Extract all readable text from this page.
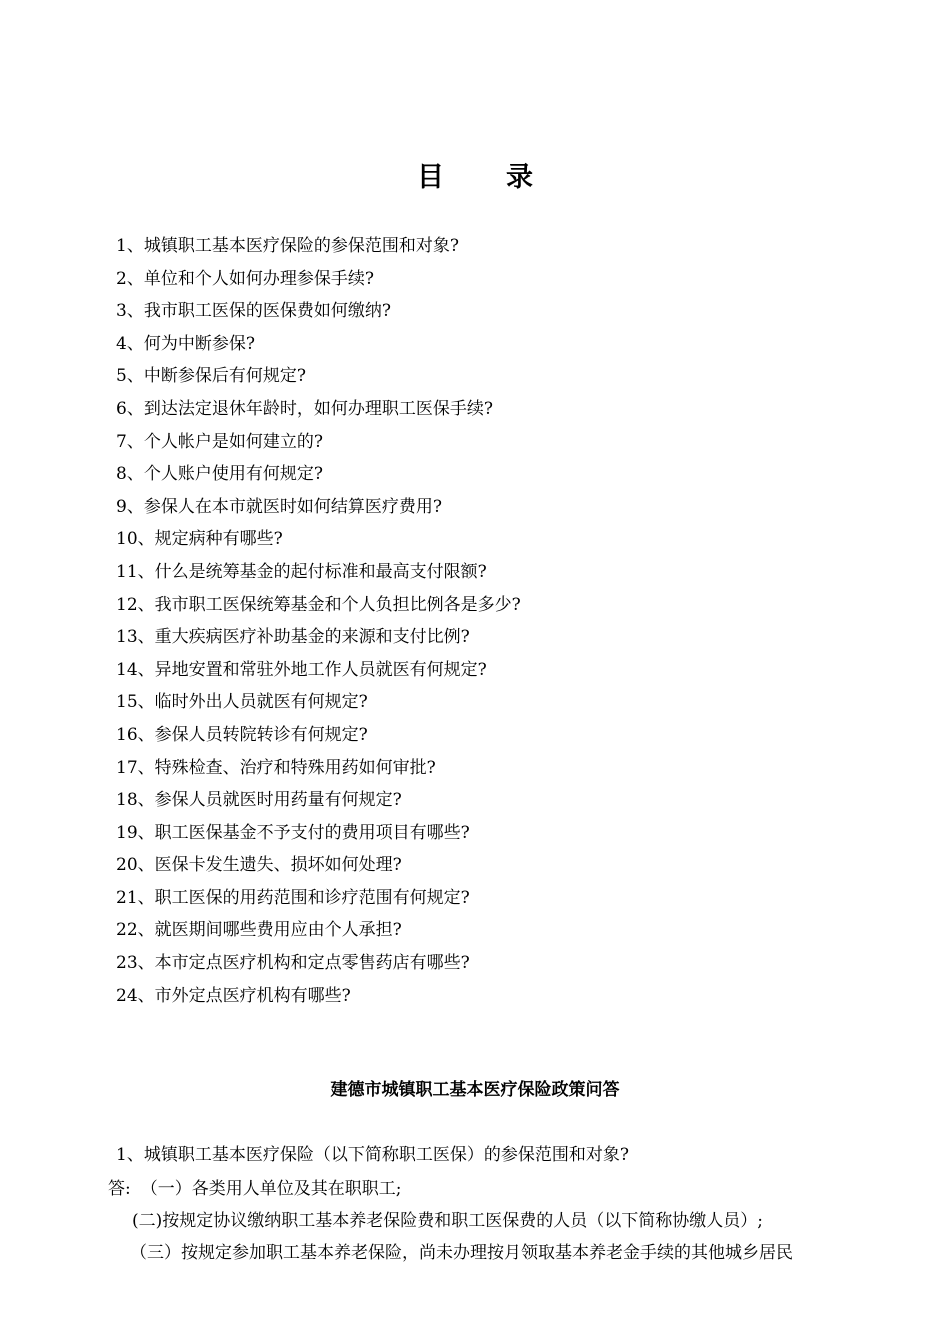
目录
1、城镇职工基本医疗保险的参保范围和对象?
2、单位和个人如何办理参保手续?
3、我市职工医保的医保费如何缴纳?
4、何为中断参保?
5、中断参保后有何规定?
6、到达法定退休年龄时，如何办理职工医保手续?
7、个人帐户是如何建立的?
8、个人账户使用有何规定?
9、参保人在本市就医时如何结算医疗费用?
10、规定病种有哪些?
11、什么是统筹基金的起付标准和最高支付限额?
12、我市职工医保统筹基金和个人负担比例各是多少?
13、重大疾病医疗补助基金的来源和支付比例?
14、异地安置和常驻外地工作人员就医有何规定?
15、临时外出人员就医有何规定?
16、参保人员转院转诊有何规定?
17、特殊检查、治疗和特殊用药如何审批?
18、参保人员就医时用药量有何规定?
19、职工医保基金不予支付的费用项目有哪些?
20、医保卡发生遗失、损坏如何处理?
21、职工医保的用药范围和诊疗范围有何规定?
22、就医期间哪些费用应由个人承担?
23、本市定点医疗机构和定点零售药店有哪些?
24、市外定点医疗机构有哪些?
建德市城镇职工基本医疗保险政策问答
1、城镇职工基本医疗保险（以下简称职工医保）的参保范围和对象?
答: （一）各类用人单位及其在职职工;
(二)按规定协议缴纳职工基本养老保险费和职工医保费的人员（以下简称协缴人员）;
（三）按规定参加职工基本养老保险，尚未办理按月领取基本养老金手续的其他城乡居民
